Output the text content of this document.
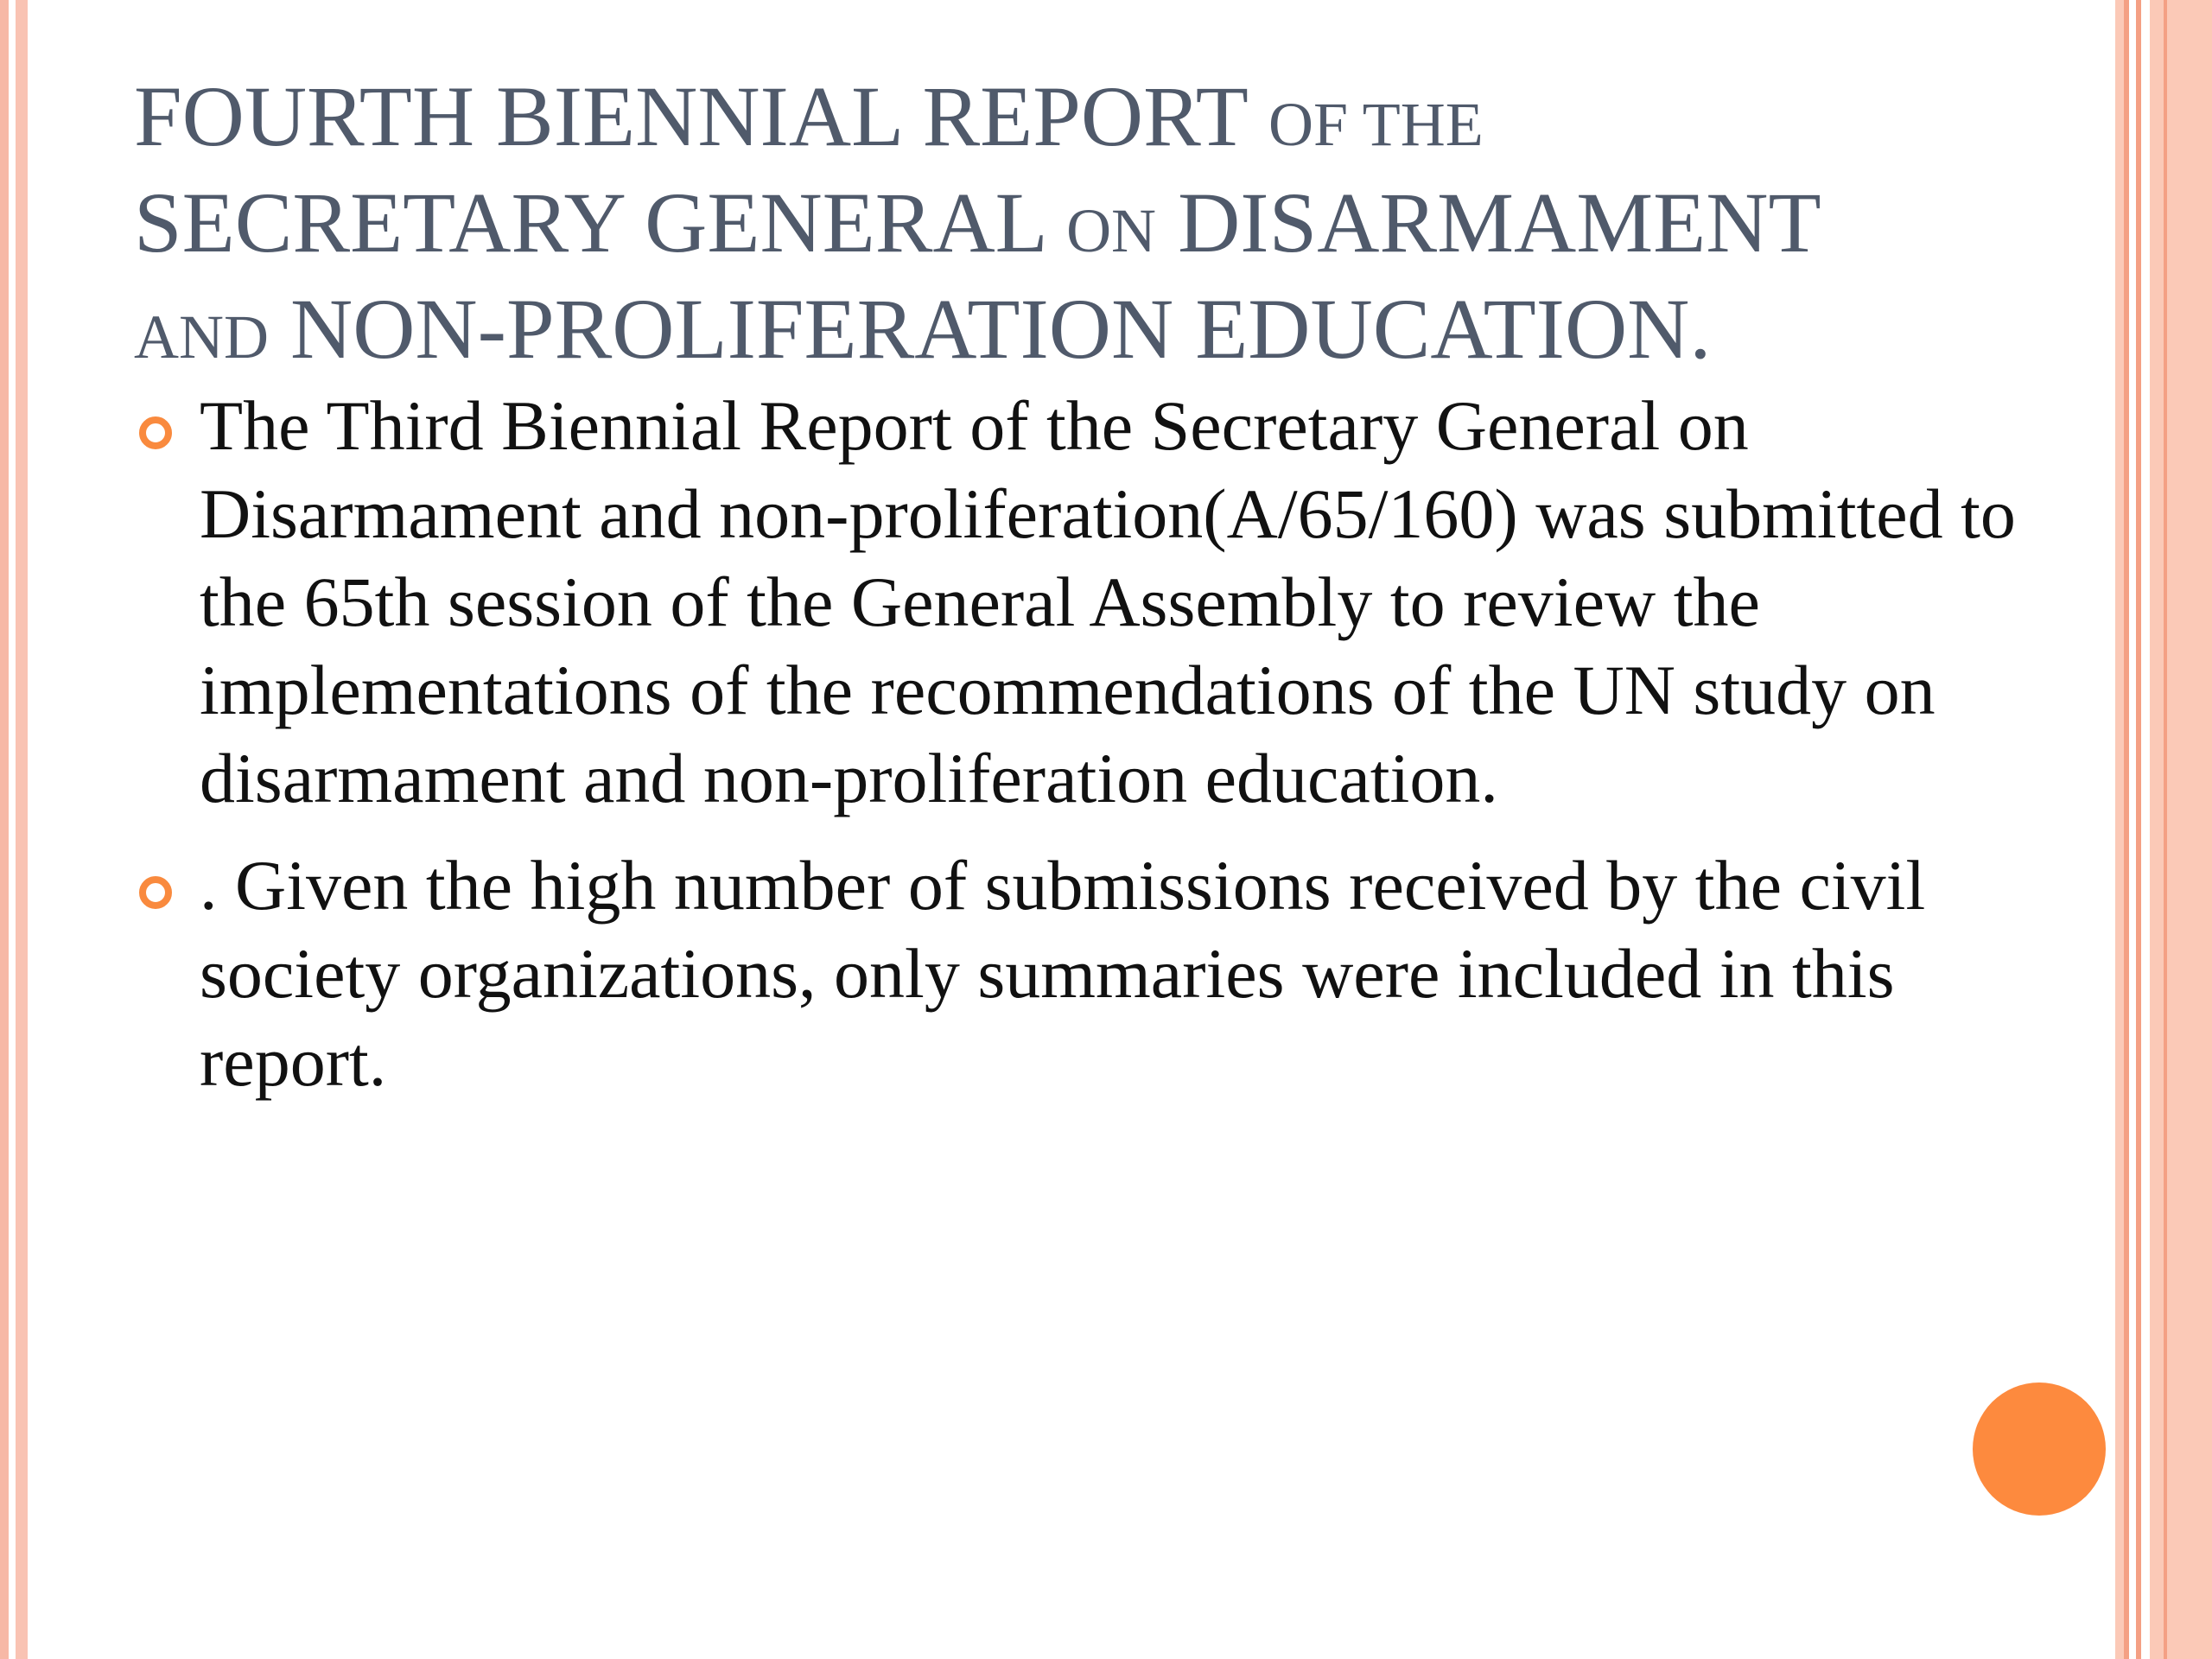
FOURTH BIENNIAL REPORT OF THE
SECRETARY GENERAL ON DISARMAMENT
AND NON-PROLIFERATION EDUCATION.
The Third Biennial Report of the Secretary General on Disarmament and non-proliferation(A/65/160) was submitted to the 65th session of the General Assembly to review the implementations of the recommendations of the UN study on disarmament and non-proliferation education.
. Given the high number of submissions received by the civil society organizations, only summaries were included in this report.
